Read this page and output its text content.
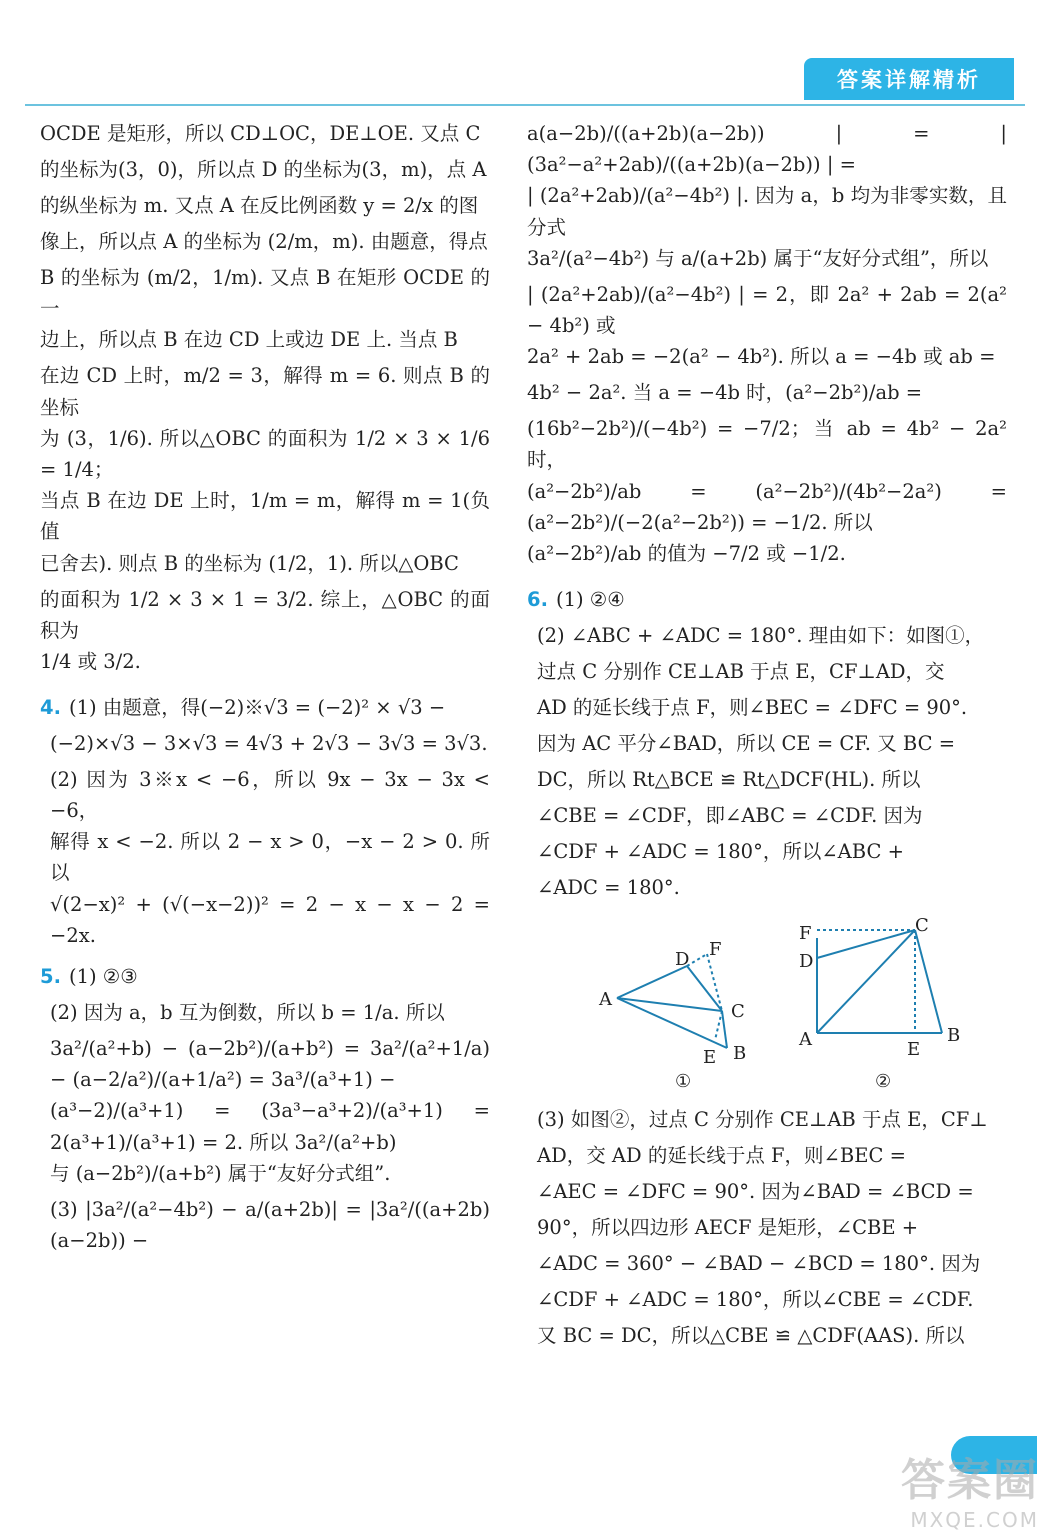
答案详解精析
OCDE 是矩形，所以 CD⊥OC，DE⊥OE. 又点 C
的坐标为(3，0)，所以点 D 的坐标为(3，m)，点 A
的纵坐标为 m. 又点 A 在反比例函数 y = 2/x 的图
像上，所以点 A 的坐标为 (2/m，m). 由题意，得点
B 的坐标为 (m/2，1/m). 又点 B 在矩形 OCDE 的一
边上，所以点 B 在边 CD 上或边 DE 上. 当点 B
在边 CD 上时，m/2 = 3，解得 m = 6. 则点 B 的坐标
为 (3，1/6). 所以△OBC 的面积为 1/2 × 3 × 1/6 = 1/4；
当点 B 在边 DE 上时，1/m = m，解得 m = 1(负值
已舍去). 则点 B 的坐标为 (1/2，1). 所以△OBC
的面积为 1/2 × 3 × 1 = 3/2. 综上，△OBC 的面积为
1/4 或 3/2.
4. (1) 由题意，得(−2)※√3 = (−2)² × √3 −
(−2)×√3 − 3×√3 = 4√3 + 2√3 − 3√3 = 3√3.
(2) 因为 3※x < −6，所以 9x − 3x − 3x < −6，
解得 x < −2. 所以 2 − x > 0，−x − 2 > 0. 所以
√(2−x)² + (√(−x−2))² = 2 − x − x − 2 = −2x.
5. (1) ②③
(2) 因为 a，b 互为倒数，所以 b = 1/a. 所以
3a²/(a²+b) − (a−2b²)/(a+b²) = 3a²/(a²+1/a) − (a−2/a²)/(a+1/a²) = 3a³/(a³+1) −
(a³−2)/(a³+1) = (3a³−a³+2)/(a³+1) = 2(a³+1)/(a³+1) = 2. 所以 3a²/(a²+b)
与 (a−2b²)/(a+b²) 属于“友好分式组”.
(3) |3a²/(a²−4b²) − a/(a+2b)| = |3a²/((a+2b)(a−2b)) −
a(a−2b)/((a+2b)(a−2b)) | = | (3a²−a²+2ab)/((a+2b)(a−2b)) | =
| (2a²+2ab)/(a²−4b²) |. 因为 a，b 均为非零实数，且分式
3a²/(a²−4b²) 与 a/(a+2b) 属于“友好分式组”，所以
| (2a²+2ab)/(a²−4b²) | = 2，即 2a² + 2ab = 2(a² − 4b²) 或
2a² + 2ab = −2(a² − 4b²). 所以 a = −4b 或 ab =
4b² − 2a². 当 a = −4b 时，(a²−2b²)/ab =
(16b²−2b²)/(−4b²) = −7/2；当 ab = 4b² − 2a² 时，
(a²−2b²)/ab = (a²−2b²)/(4b²−2a²) = (a²−2b²)/(−2(a²−2b²)) = −1/2. 所以
(a²−2b²)/ab 的值为 −7/2 或 −1/2.
6. (1) ②④
(2) ∠ABC + ∠ADC = 180°. 理由如下：如图①，
过点 C 分别作 CE⊥AB 于点 E，CF⊥AD，交
AD 的延长线于点 F，则∠BEC = ∠DFC = 90°.
因为 AC 平分∠BAD，所以 CE = CF. 又 BC =
DC，所以 Rt△BCE ≌ Rt△DCF(HL). 所以
∠CBE = ∠CDF，即∠ABC = ∠CDF. 因为
∠CDF + ∠ADC = 180°，所以∠ABC +
∠ADC = 180°.
A
B
C
D
E
F
①
A	B
C
D
E
F
②
(3) 如图②，过点 C 分别作 CE⊥AB 于点 E，CF⊥
AD，交 AD 的延长线于点 F，则∠BEC =
∠AEC = ∠DFC = 90°. 因为∠BAD = ∠BCD =
90°，所以四边形 AECF 是矩形，∠CBE +
∠ADC = 360° − ∠BAD − ∠BCD = 180°. 因为
∠CDF + ∠ADC = 180°，所以∠CBE = ∠CDF.
又 BC = DC，所以△CBE ≌ △CDF(AAS). 所以
答案圈
MXQE.COM
